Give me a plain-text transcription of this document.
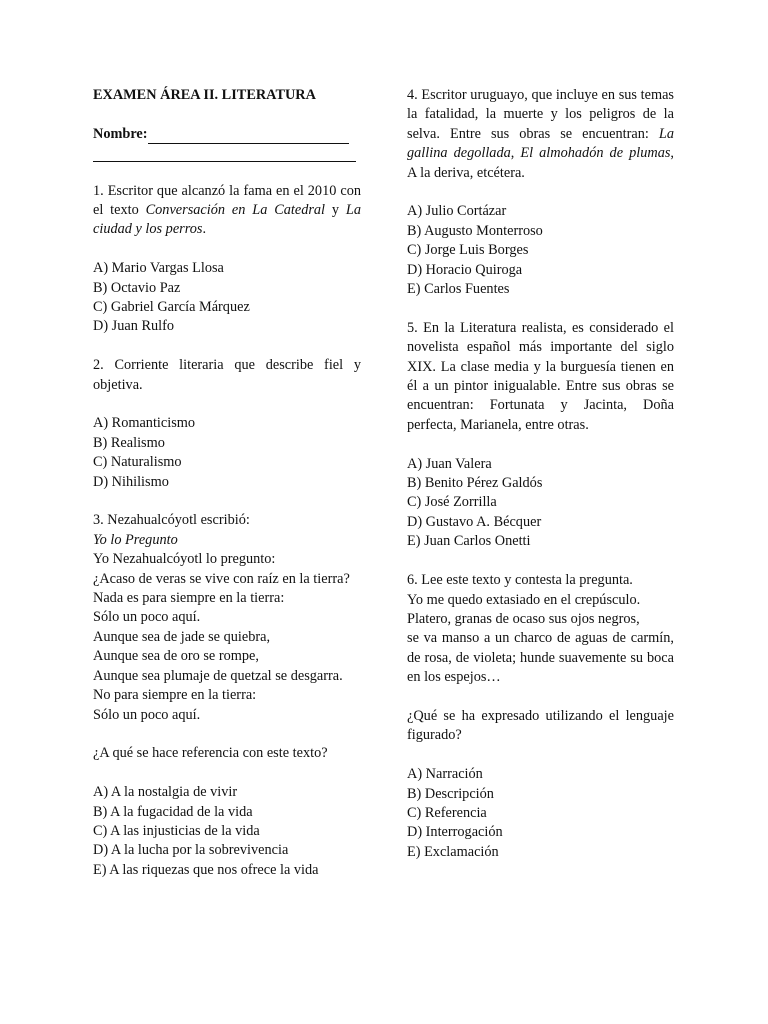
EXAMEN ÁREA II. LITERATURA

Nombre:

1. Escritor que alcanzó la fama en el 2010 con el texto Conversación en La Catedral y La ciudad y los perros.

A) Mario Vargas Llosa

B) Octavio Paz

C) Gabriel García Márquez

D) Juan Rulfo

2. Corriente literaria que describe fiel y objetiva.

A) Romanticismo

B) Realismo

C) Naturalismo

D) Nihilismo

3. Nezahualcóyotl escribió:

Yo lo Pregunto

Yo Nezahualcóyotl lo pregunto:

¿Acaso de veras se vive con raíz en la tierra?

Nada es para siempre en la tierra:

Sólo un poco aquí.

Aunque sea de jade se quiebra,

Aunque sea de oro se rompe,

Aunque sea plumaje de quetzal se desgarra.

No para siempre en la tierra:

Sólo un poco aquí.

¿A qué se hace referencia con este texto?

A) A la nostalgia de vivir

B) A la fugacidad de la vida

C) A las injusticias de la vida

D) A la lucha por la sobrevivencia

E) A las riquezas que nos ofrece la vida

4. Escritor uruguayo, que incluye en sus temas la fatalidad, la muerte y los peligros de la selva. Entre sus obras se encuentran: La gallina degollada, El almohadón de plumas, A la deriva, etcétera.

A) Julio Cortázar

B) Augusto Monterroso

C) Jorge Luis Borges

D) Horacio Quiroga

E) Carlos Fuentes

5. En la Literatura realista, es considerado el novelista español más importante del siglo XIX. La clase media y la burguesía tienen en él a un pintor inigualable. Entre sus obras se encuentran: Fortunata y Jacinta, Doña perfecta, Marianela, entre otras.

A) Juan Valera

B) Benito Pérez Galdós

C) José Zorrilla

D) Gustavo A. Bécquer

E) Juan Carlos Onetti

6. Lee este texto y contesta la pregunta.

Yo me quedo extasiado en el crepúsculo.

Platero, granas de ocaso sus ojos negros,

se va manso a un charco de aguas de carmín, de rosa, de violeta; hunde suavemente su boca en los espejos…

¿Qué se ha expresado utilizando el lenguaje figurado?

A) Narración

B) Descripción

C) Referencia

D) Interrogación

E) Exclamación
